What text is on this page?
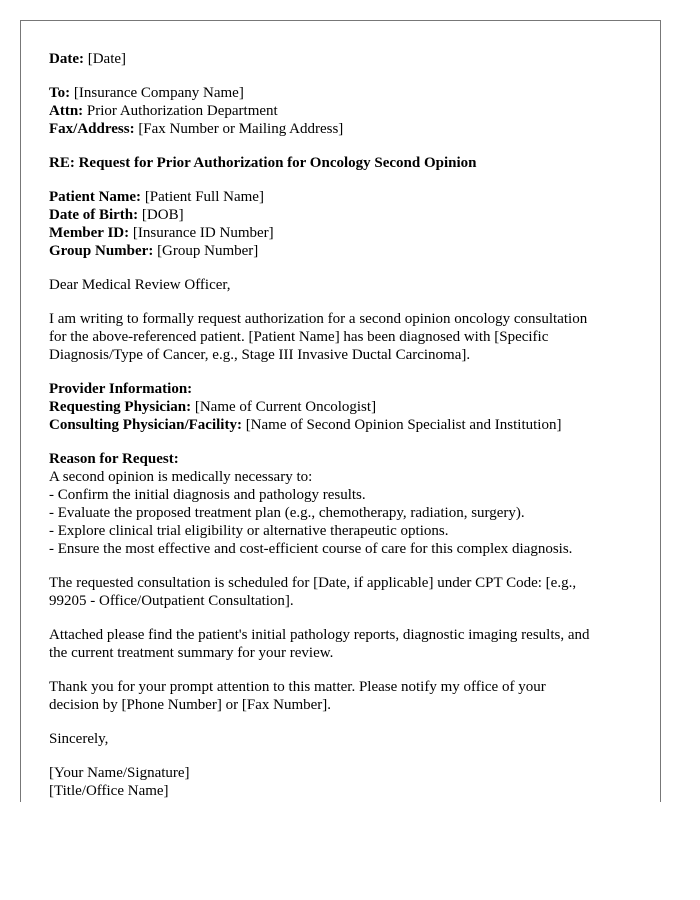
Date: [Date]
To: [Insurance Company Name]
Attn: Prior Authorization Department
Fax/Address: [Fax Number or Mailing Address]
RE: Request for Prior Authorization for Oncology Second Opinion
Patient Name: [Patient Full Name]
Date of Birth: [DOB]
Member ID: [Insurance ID Number]
Group Number: [Group Number]
Dear Medical Review Officer,
I am writing to formally request authorization for a second opinion oncology consultation
for the above-referenced patient. [Patient Name] has been diagnosed with [Specific
Diagnosis/Type of Cancer, e.g., Stage III Invasive Ductal Carcinoma].
Provider Information:
Requesting Physician: [Name of Current Oncologist]
Consulting Physician/Facility: [Name of Second Opinion Specialist and Institution]
Reason for Request:
A second opinion is medically necessary to:
- Confirm the initial diagnosis and pathology results.
- Evaluate the proposed treatment plan (e.g., chemotherapy, radiation, surgery).
- Explore clinical trial eligibility or alternative therapeutic options.
- Ensure the most effective and cost-efficient course of care for this complex diagnosis.
The requested consultation is scheduled for [Date, if applicable] under CPT Code: [e.g.,
99205 - Office/Outpatient Consultation].
Attached please find the patient's initial pathology reports, diagnostic imaging results, and
the current treatment summary for your review.
Thank you for your prompt attention to this matter. Please notify my office of your
decision by [Phone Number] or [Fax Number].
Sincerely,
[Your Name/Signature]
[Title/Office Name]
